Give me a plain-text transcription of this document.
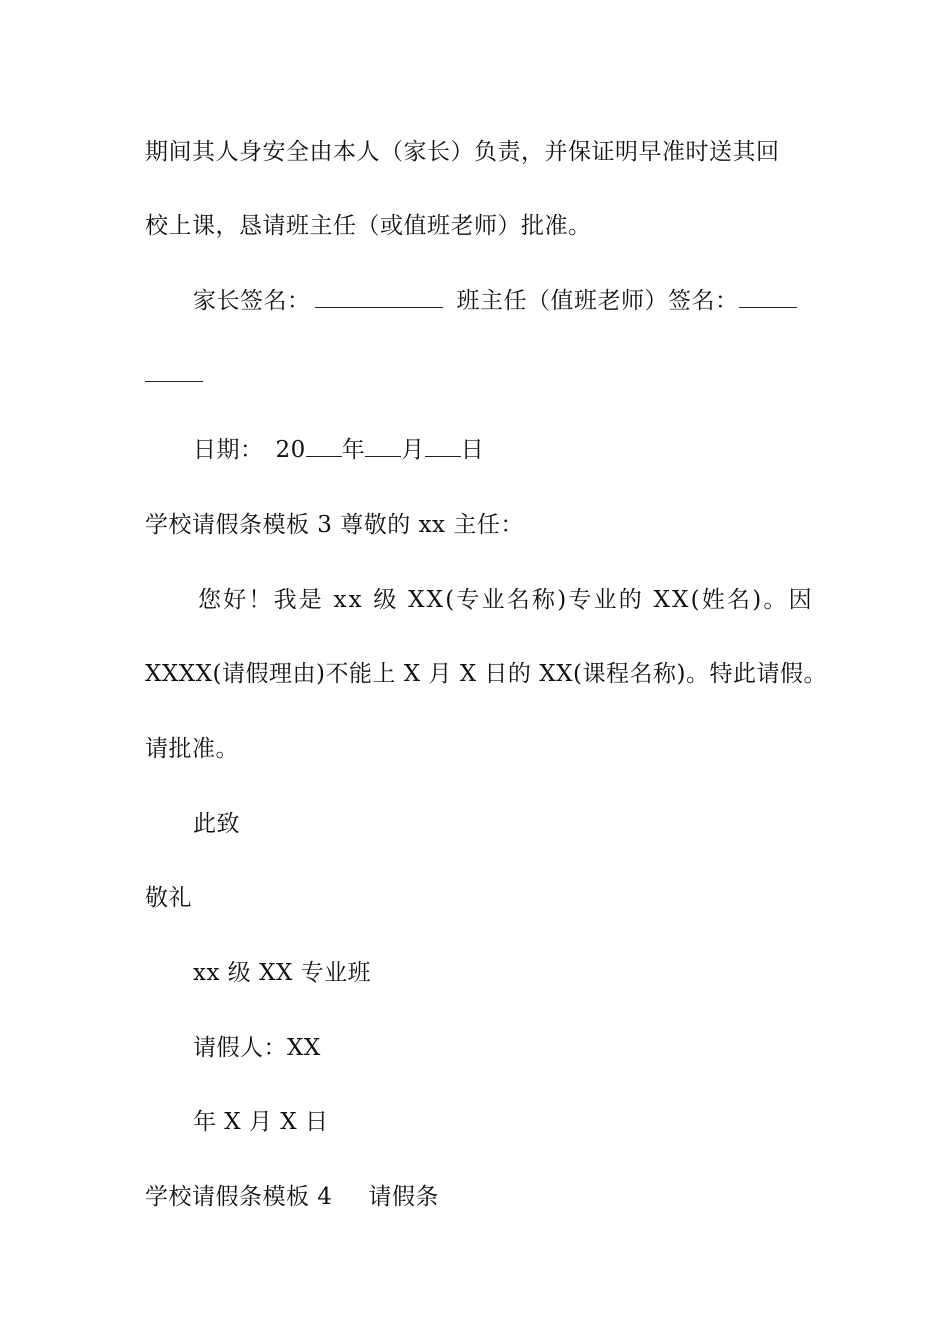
期间其人身安全由本人（家长）负责，并保证明早准时送其回
校上课，恳请班主任（或值班老师）批准。
家长签名：	班主任（值班老师）签名：
日期： 20 年 月 日
学校请假条模板 3 尊敬的 xx 主任：
您好！我是 xx 级 XX(专业名称)专业的 XX(姓名)。因
XXXX(请假理由)不能上 X 月 X 日的 XX(课程名称)。特此请假。
请批准。
此致
敬礼
xx 级 XX 专业班
请假人：XX
年 X 月 X 日
学校请假条模板 4 请假条
